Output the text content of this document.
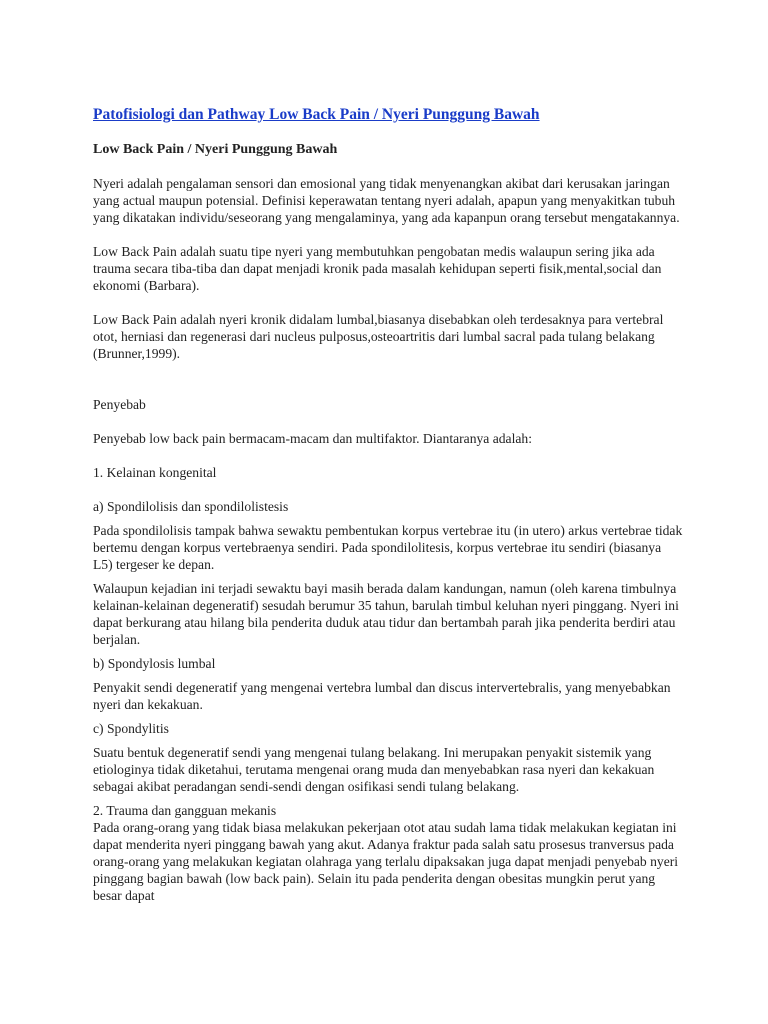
Patofisiologi dan Pathway Low Back Pain / Nyeri Punggung Bawah
Low Back Pain / Nyeri Punggung Bawah

Nyeri adalah pengalaman sensori dan emosional yang tidak menyenangkan akibat dari kerusakan jaringan yang actual maupun potensial. Definisi keperawatan tentang nyeri adalah, apapun yang menyakitkan tubuh yang dikatakan individu/seseorang yang mengalaminya, yang ada kapanpun orang tersebut mengatakannya.

Low Back Pain adalah suatu tipe nyeri yang membutuhkan pengobatan medis walaupun sering jika ada trauma secara tiba-tiba dan dapat menjadi kronik pada masalah kehidupan seperti fisik,mental,social dan ekonomi (Barbara).

Low Back Pain adalah nyeri kronik didalam lumbal,biasanya disebabkan oleh terdesaknya para vertebral otot, herniasi dan regenerasi dari nucleus pulposus,osteoartritis dari lumbal sacral pada tulang belakang (Brunner,1999).

Penyebab

Penyebab low back pain bermacam-macam dan multifaktor. Diantaranya adalah:

1. Kelainan kongenital

a) Spondilolisis dan spondilolistesis

Pada spondilolisis tampak bahwa sewaktu pembentukan korpus vertebrae itu (in utero) arkus vertebrae tidak bertemu dengan korpus vertebraenya sendiri. Pada spondilolitesis, korpus vertebrae itu sendiri (biasanya L5) tergeser ke depan.

Walaupun kejadian ini terjadi sewaktu bayi masih berada dalam kandungan, namun (oleh karena timbulnya kelainan-kelainan degeneratif) sesudah berumur 35 tahun, barulah timbul keluhan nyeri pinggang. Nyeri ini dapat berkurang atau hilang bila penderita duduk atau tidur dan bertambah parah jika penderita berdiri atau berjalan.

b) Spondylosis lumbal

Penyakit sendi degeneratif yang mengenai vertebra lumbal dan discus intervertebralis, yang menyebabkan nyeri dan kekakuan.

c) Spondylitis

Suatu bentuk degeneratif sendi yang mengenai tulang belakang. Ini merupakan penyakit sistemik yang etiologinya tidak diketahui, terutama mengenai orang muda dan menyebabkan rasa nyeri dan kekakuan sebagai akibat peradangan sendi-sendi dengan osifikasi sendi tulang belakang.

2. Trauma dan gangguan mekanis

Pada orang-orang yang tidak biasa melakukan pekerjaan otot atau sudah lama tidak melakukan kegiatan ini dapat menderita nyeri pinggang bawah yang akut. Adanya fraktur pada salah satu prosesus tranversus pada orang-orang yang melakukan kegiatan olahraga yang terlalu dipaksakan juga dapat menjadi penyebab nyeri pinggang bagian bawah (low back pain). Selain itu pada penderita dengan obesitas mungkin perut yang besar dapat
